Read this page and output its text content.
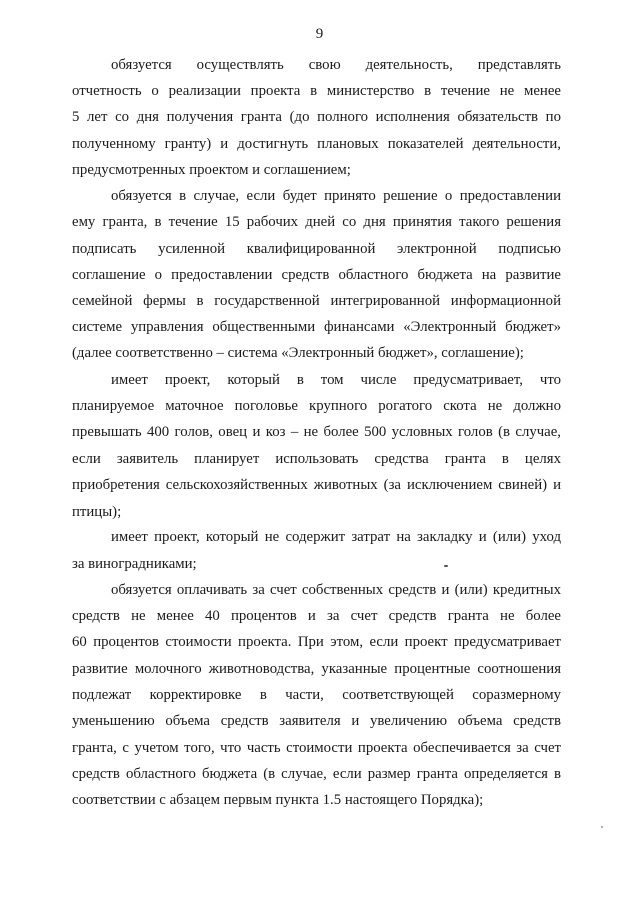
9
обязуется осуществлять свою деятельность, представлять
отчетность о реализации проекта в министерство в течение не менее
5 лет со дня получения гранта (до полного исполнения обязательств по
полученному гранту) и достигнуть плановых показателей деятельности,
предусмотренных проектом и соглашением;
обязуется в случае, если будет принято решение о предоставлении
ему гранта, в течение 15 рабочих дней со дня принятия такого решения
подписать усиленной квалифицированной электронной подписью
соглашение о предоставлении средств областного бюджета на развитие
семейной фермы в государственной интегрированной информационной
системе управления общественными финансами «Электронный бюджет»
(далее соответственно – система «Электронный бюджет», соглашение);
имеет проект, который в том числе предусматривает, что
планируемое маточное поголовье крупного рогатого скота не должно
превышать 400 голов, овец и коз – не более 500 условных голов (в случае,
если заявитель планирует использовать средства гранта в целях
приобретения сельскохозяйственных животных (за исключением свиней) и
птицы);
имеет проект, который не содержит затрат на закладку и (или) уход
за виноградниками;
обязуется оплачивать за счет собственных средств и (или) кредитных
средств не менее 40 процентов и за счет средств гранта не более
60 процентов стоимости проекта. При этом, если проект предусматривает
развитие молочного животноводства, указанные процентные соотношения
подлежат корректировке в части, соответствующей соразмерному
уменьшению объема средств заявителя и увеличению объема средств
гранта, с учетом того, что часть стоимости проекта обеспечивается за счет
средств областного бюджета (в случае, если размер гранта определяется в
соответствии с абзацем первым пункта 1.5 настоящего Порядка);
